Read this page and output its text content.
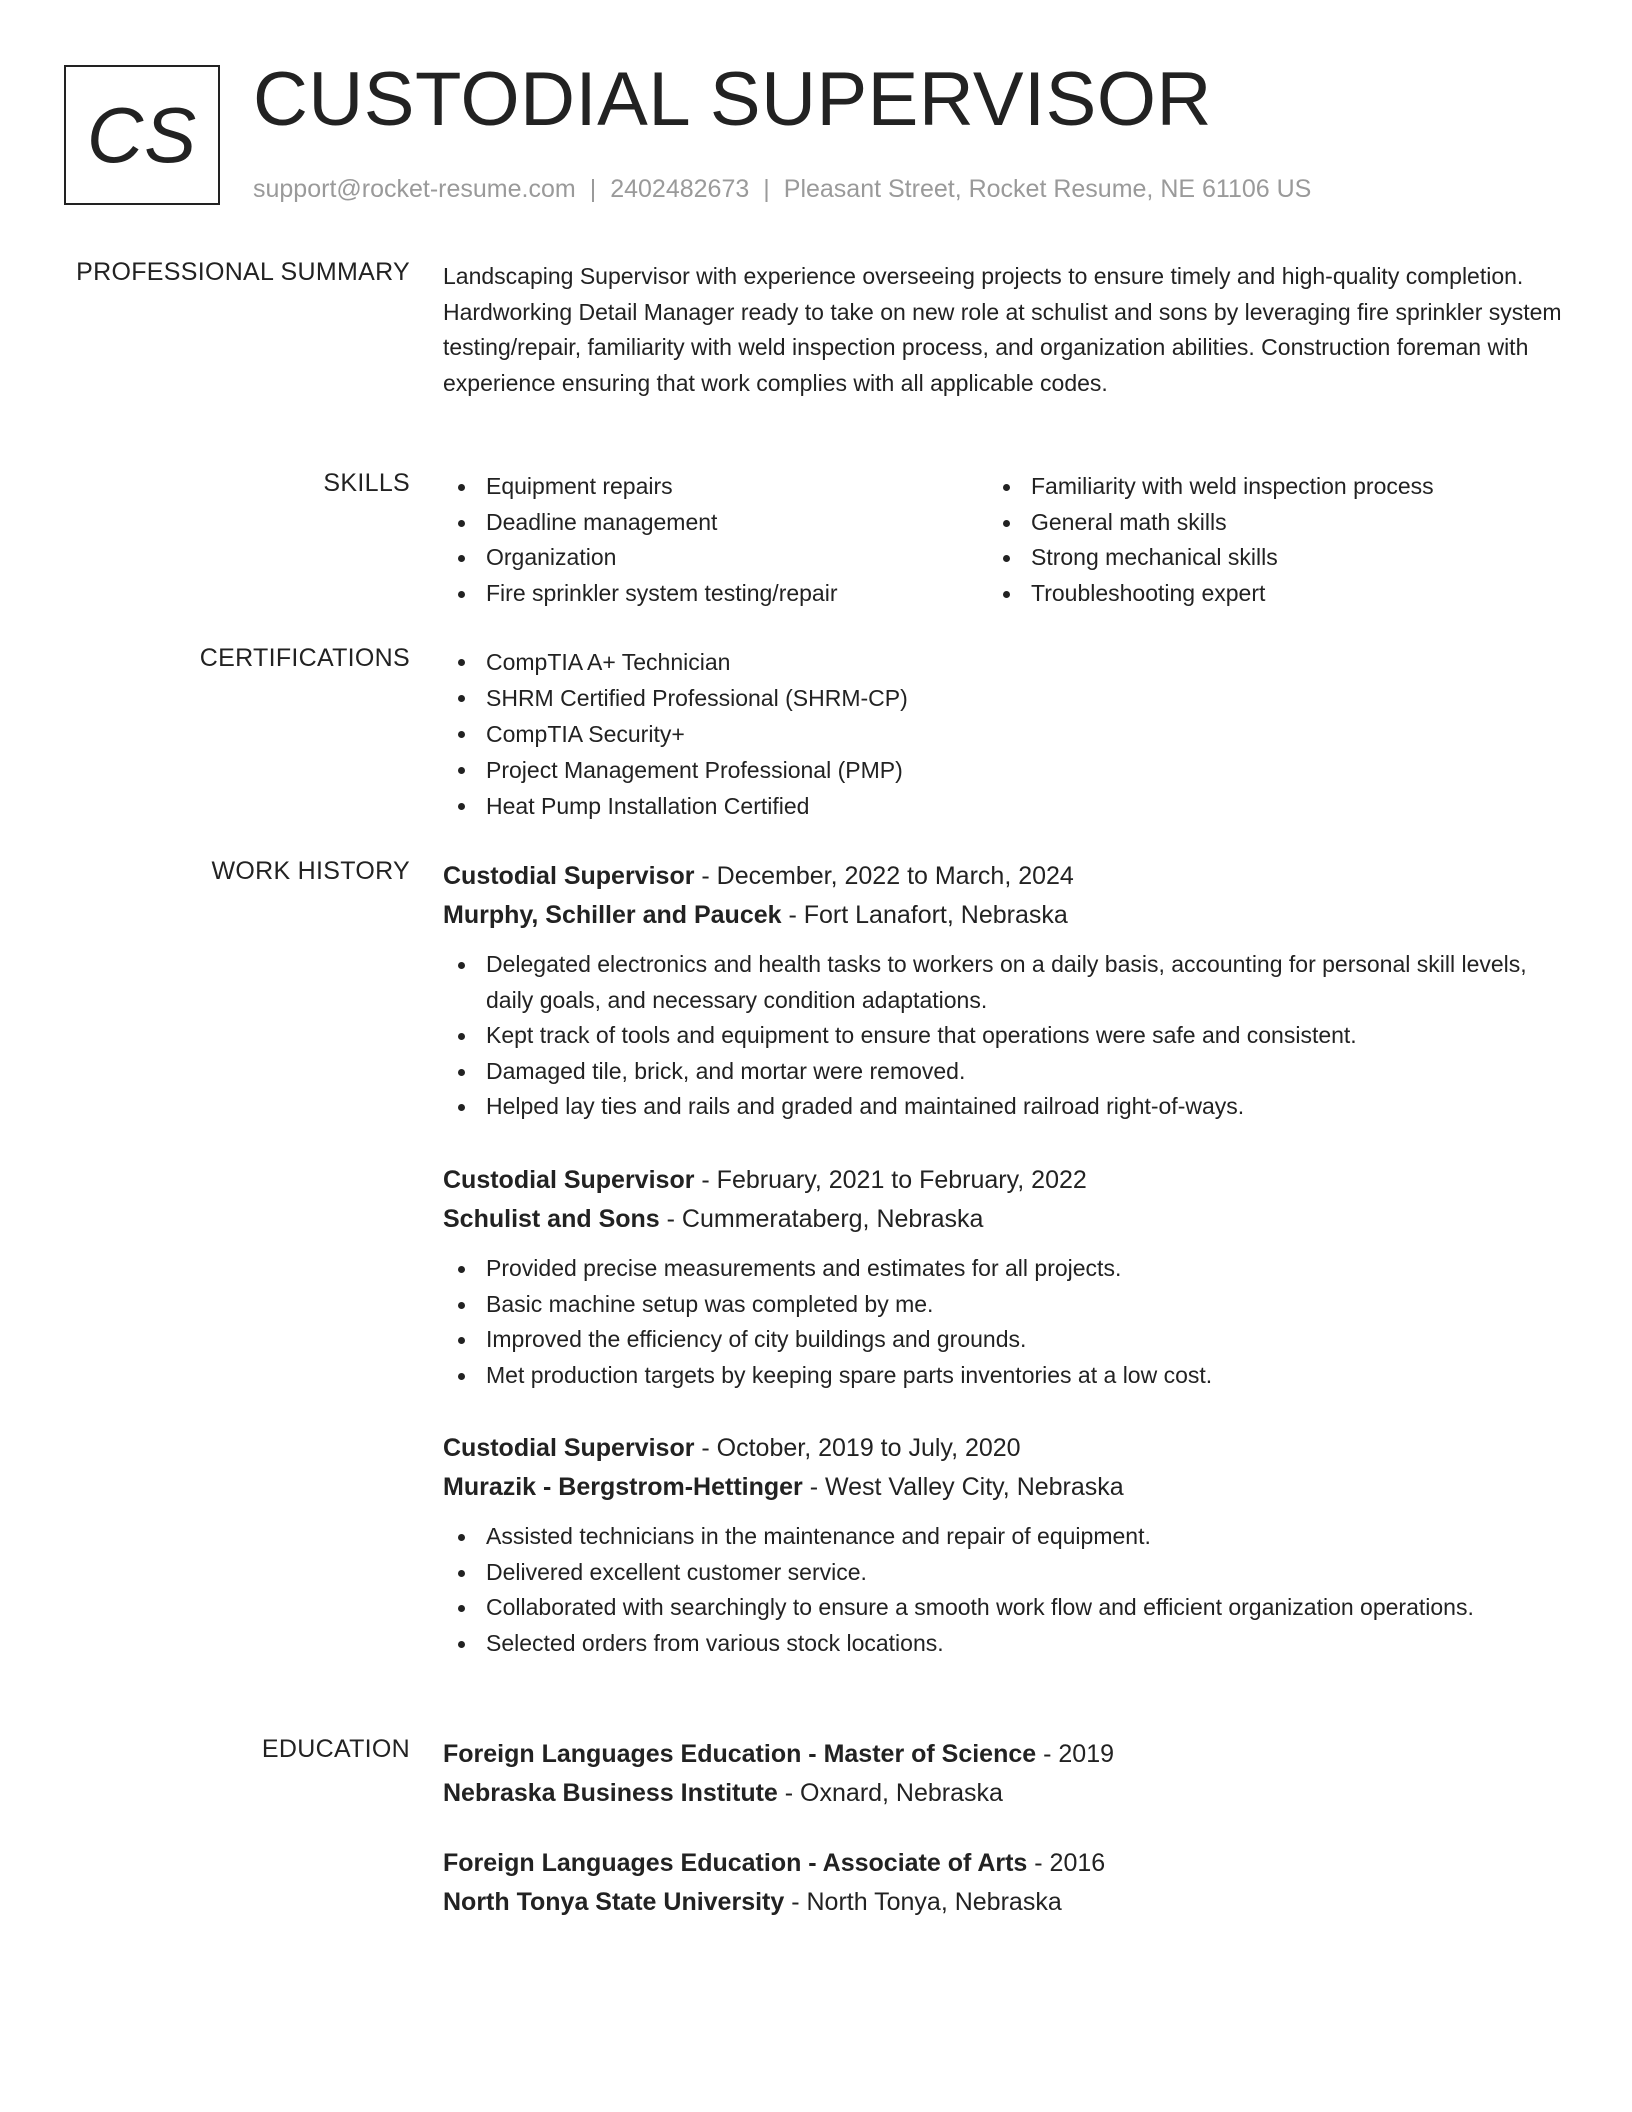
CS CUSTODIAL SUPERVISOR
support@rocket-resume.com | 2402482673 | Pleasant Street, Rocket Resume, NE 61106 US
PROFESSIONAL SUMMARY Landscaping Supervisor with experience overseeing projects to ensure timely and high-quality completion. Hardworking Detail Manager ready to take on new role at schulist and sons by leveraging fire sprinkler system testing/repair, familiarity with weld inspection process, and organization abilities. Construction foreman with experience ensuring that work complies with all applicable codes.
SKILLS	Equipment repairs
Deadline management
Organization
Fire sprinkler system testing/repair
Familiarity with weld inspection process
General math skills
Strong mechanical skills
Troubleshooting expert
CERTIFICATIONS	CompTIA A+ Technician
SHRM Certified Professional (SHRM-CP)
CompTIA Security+
Project Management Professional (PMP)
Heat Pump Installation Certified
WORK HISTORY Custodial Supervisor - December, 2022 to March, 2024
Murphy, Schiller and Paucek - Fort Lanafort, Nebraska
Delegated electronics and health tasks to workers on a daily basis, accounting for personal skill levels, daily goals, and necessary condition adaptations.
Kept track of tools and equipment to ensure that operations were safe and consistent.
Damaged tile, brick, and mortar were removed.
Helped lay ties and rails and graded and maintained railroad right-of-ways.
Custodial Supervisor - February, 2021 to February, 2022
Schulist and Sons - Cummerataberg, Nebraska
Provided precise measurements and estimates for all projects.
Basic machine setup was completed by me.
Improved the efficiency of city buildings and grounds.
Met production targets by keeping spare parts inventories at a low cost.
Custodial Supervisor - October, 2019 to July, 2020
Murazik - Bergstrom-Hettinger - West Valley City, Nebraska
Assisted technicians in the maintenance and repair of equipment.
Delivered excellent customer service.
Collaborated with searchingly to ensure a smooth work flow and efficient organization operations.
Selected orders from various stock locations.
EDUCATION Foreign Languages Education - Master of Science - 2019
Nebraska Business Institute - Oxnard, Nebraska
Foreign Languages Education - Associate of Arts - 2016
North Tonya State University - North Tonya, Nebraska
